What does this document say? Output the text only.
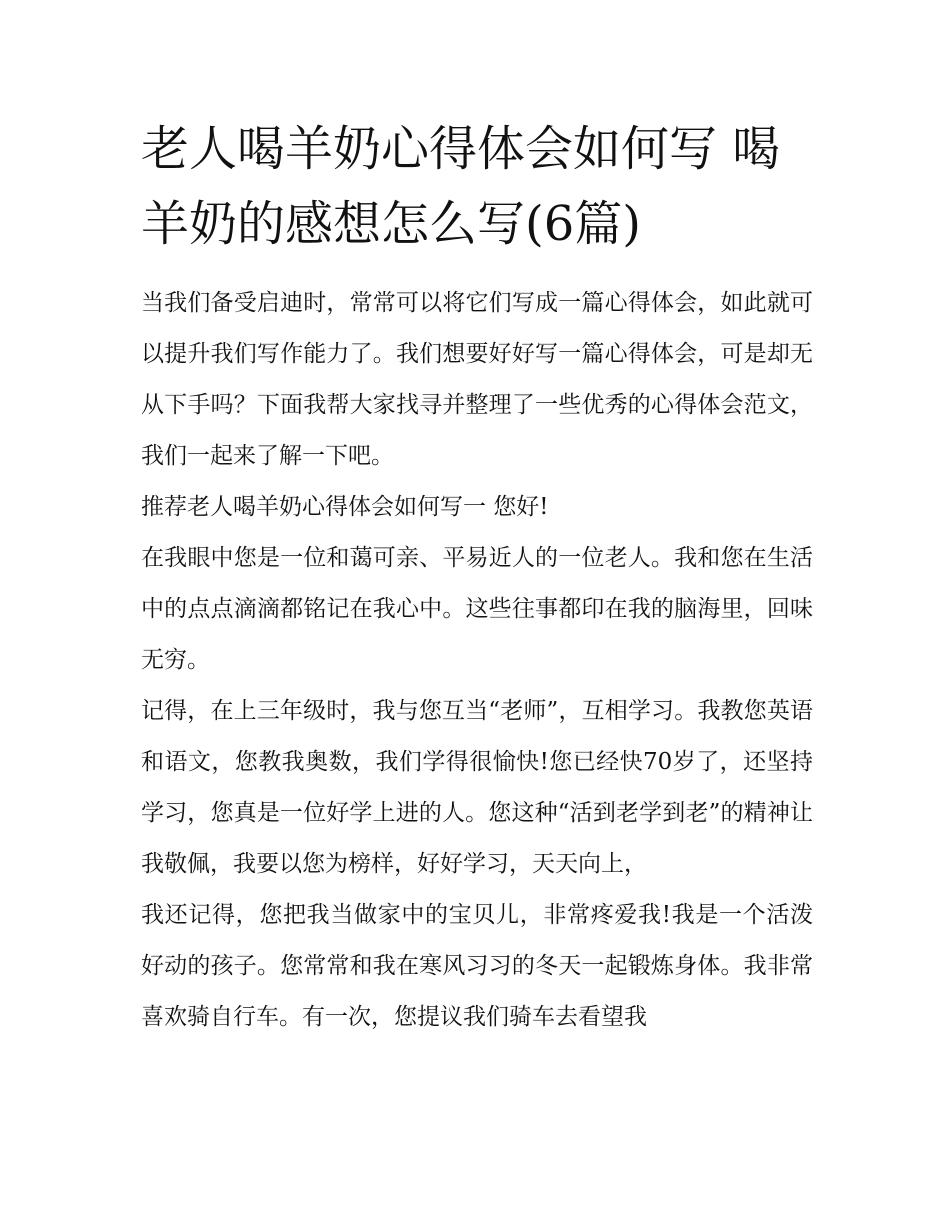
老人喝羊奶心得体会如何写 喝羊奶的感想怎么写(6篇)

当我们备受启迪时，常常可以将它们写成一篇心得体会，如此就可以提升我们写作能力了。我们想要好好写一篇心得体会，可是却无从下手吗？下面我帮大家找寻并整理了一些优秀的心得体会范文，我们一起来了解一下吧。

推荐老人喝羊奶心得体会如何写一 您好!

在我眼中您是一位和蔼可亲、平易近人的一位老人。我和您在生活中的点点滴滴都铭记在我心中。这些往事都印在我的脑海里，回味无穷。

记得，在上三年级时，我与您互当“老师”，互相学习。我教您英语和语文，您教我奥数，我们学得很愉快!您已经快70岁了，还坚持学习，您真是一位好学上进的人。您这种“活到老学到老”的精神让我敬佩，我要以您为榜样，好好学习，天天向上，

我还记得，您把我当做家中的宝贝儿，非常疼爱我!我是一个活泼好动的孩子。您常常和我在寒风习习的冬天一起锻炼身体。我非常喜欢骑自行车。有一次，您提议我们骑车去看望我
